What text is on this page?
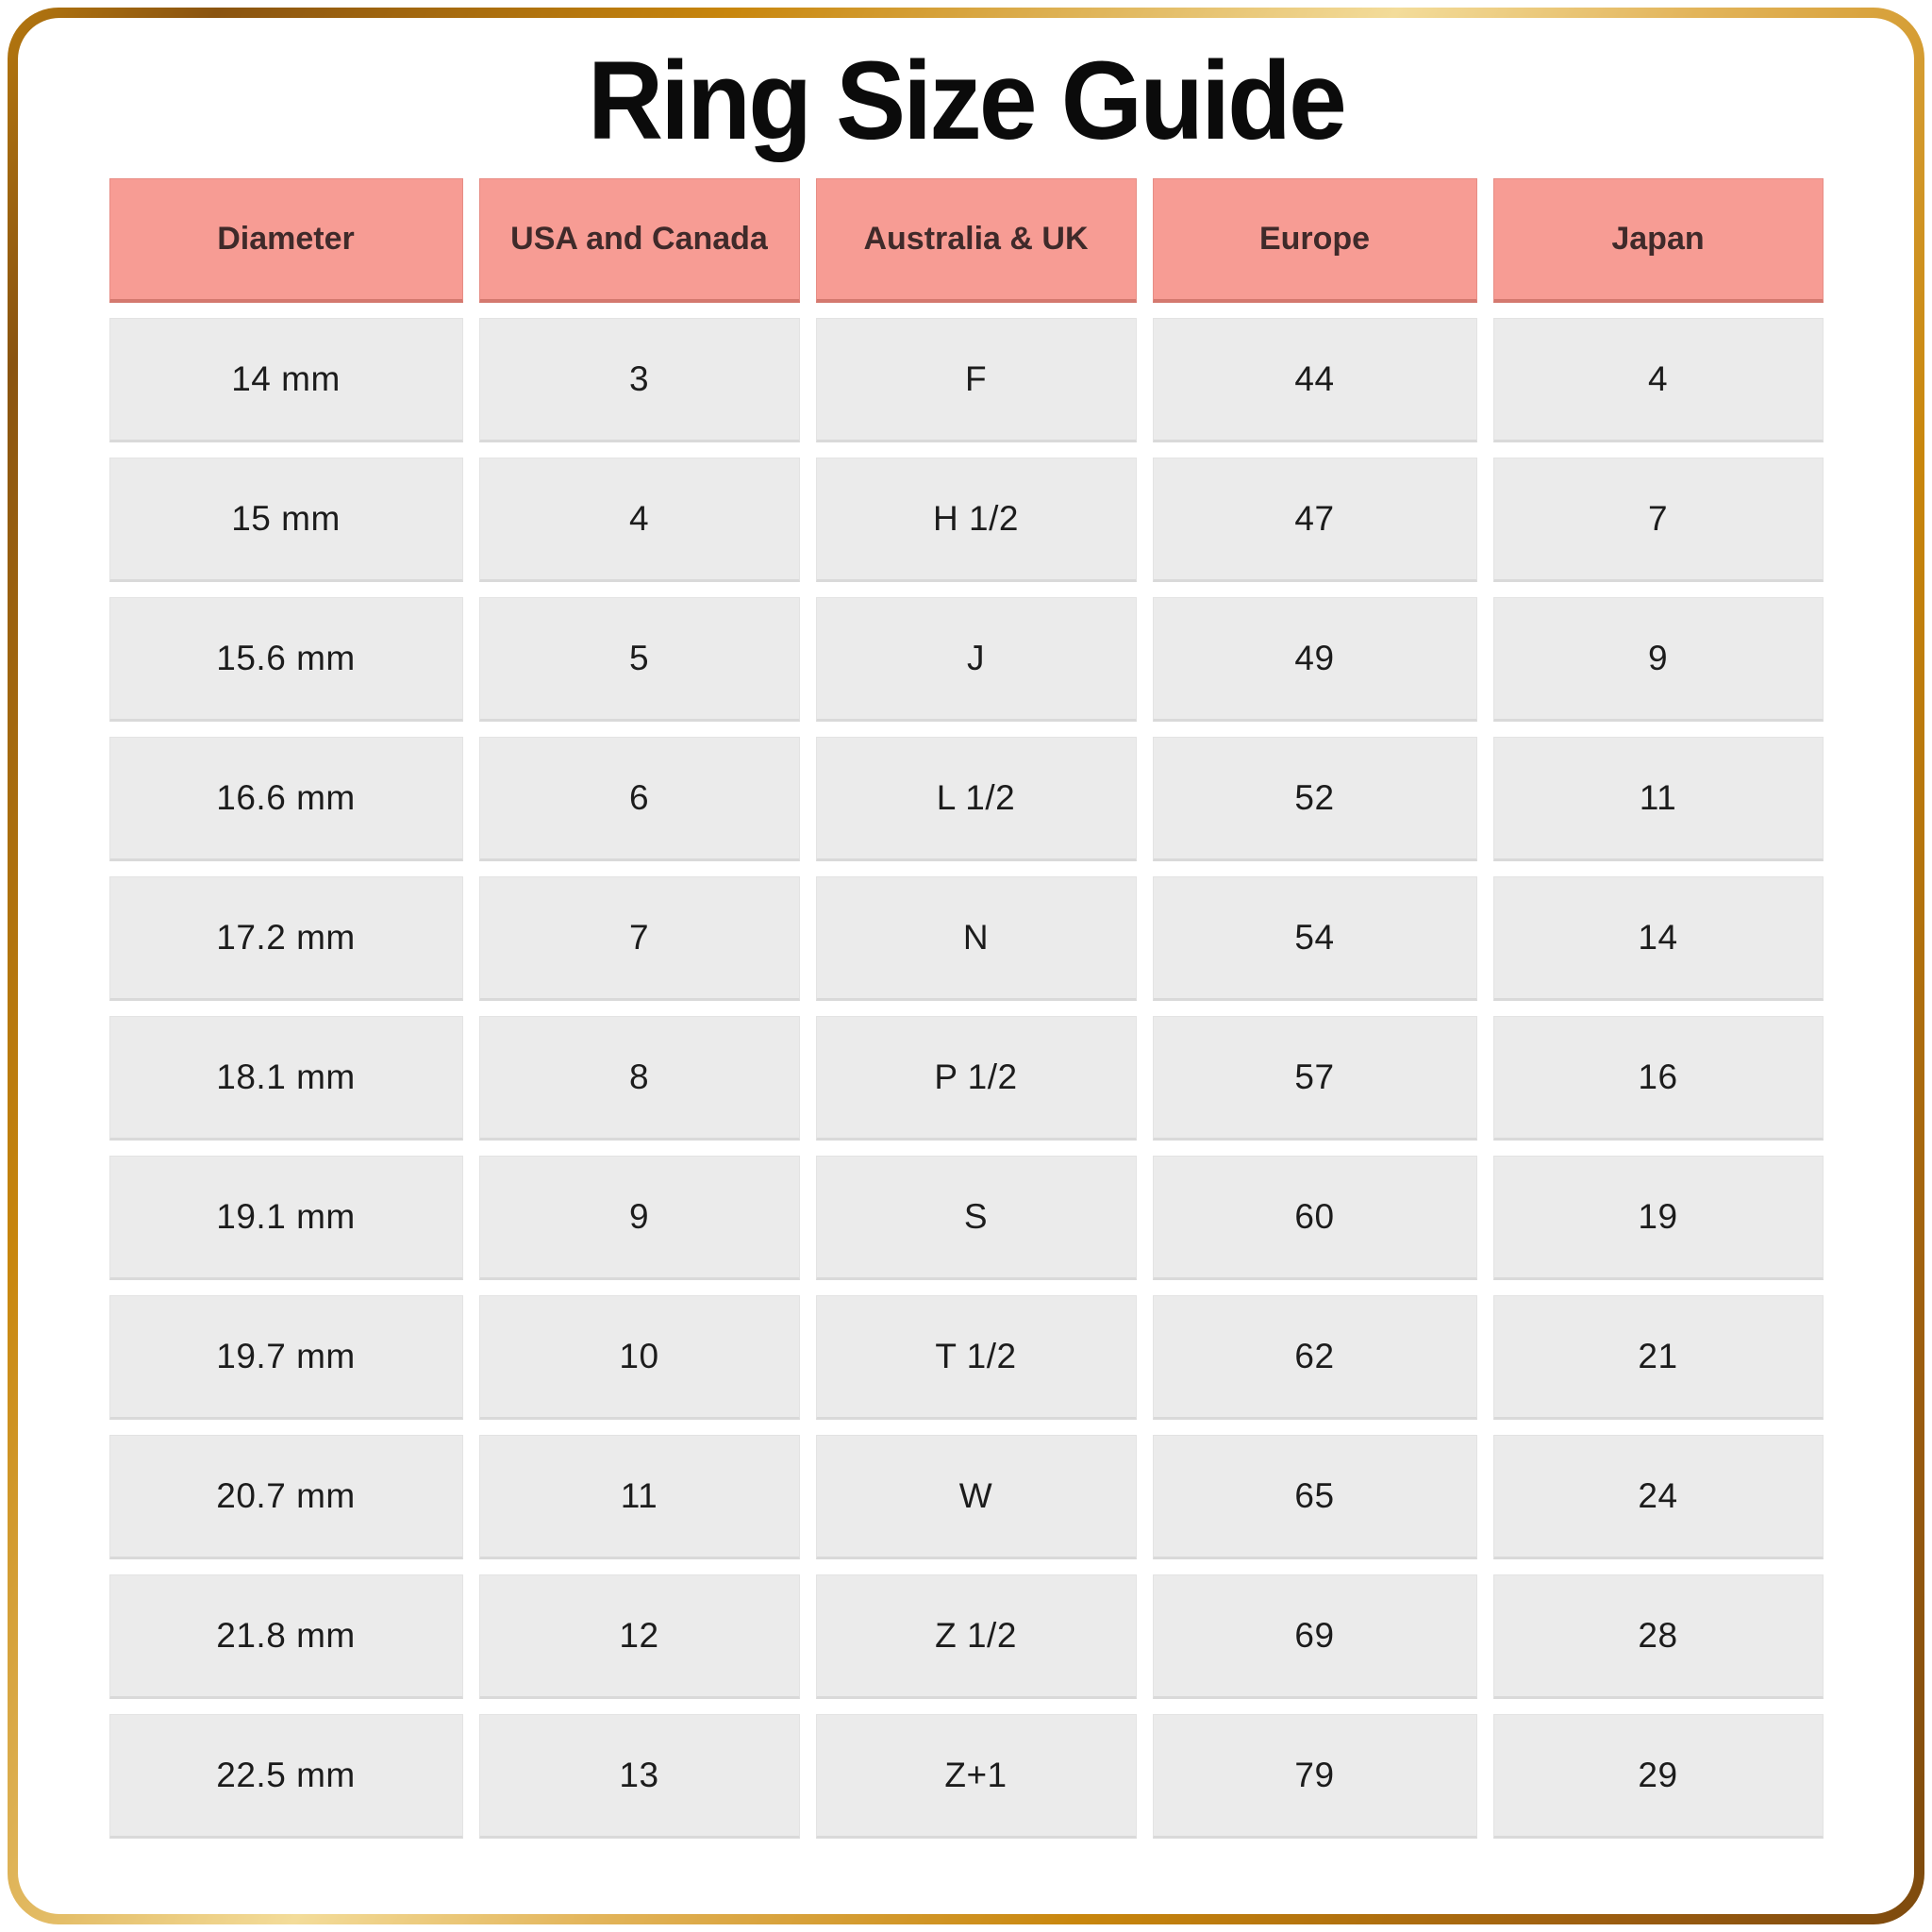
Ring Size Guide
Diameter	USA and Canada	Australia & UK	Europe	Japan
14 mm	3	F	44	4
15 mm	4	H 1/2	47	7
15.6 mm	5	J	49	9
16.6 mm	6	L 1/2	52	11
17.2 mm	7	N	54	14
18.1 mm	8	P 1/2	57	16
19.1 mm	9	S	60	19
19.7 mm	10	T 1/2	62	21
20.7 mm	11	W	65	24
21.8 mm	12	Z 1/2	69	28
22.5 mm	13	Z+1	79	29
